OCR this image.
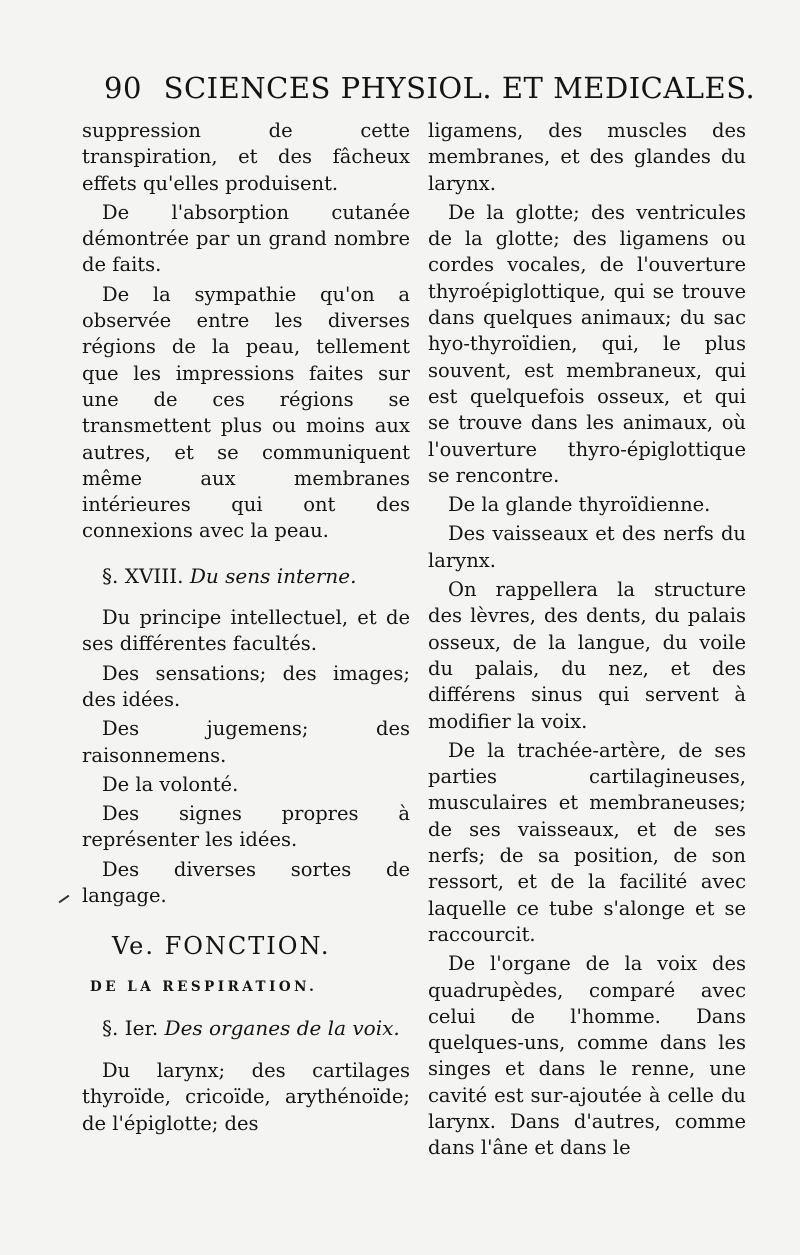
90 SCIENCES PHYSIOL. ET MEDICALES.

suppression de cette transpiration, et des fâcheux effets qu'elles produisent.

De l'absorption cutanée démontrée par un grand nombre de faits.

De la sympathie qu'on a observée entre les diverses régions de la peau, tellement que les impressions faites sur une de ces régions se transmettent plus ou moins aux autres, et se communiquent même aux membranes intérieures qui ont des connexions avec la peau.

§. XVIII. Du sens interne.

Du principe intellectuel, et de ses différentes facultés.

Des sensations; des images; des idées.

Des jugemens; des raisonnemens.

De la volonté.

Des signes propres à représenter les idées.

Des diverses sortes de langage.

Ve. FONCTION.
DE LA RESPIRATION.
§. Ier. Des organes de la voix.

Du larynx; des cartilages thyroïde, cricoïde, arythénoïde; de l'épiglotte; des

ligamens, des muscles des membranes, et des glandes du larynx.

De la glotte; des ventricules de la glotte; des ligamens ou cordes vocales, de l'ouverture thyroépiglottique, qui se trouve dans quelques animaux; du sac hyo-thyroïdien, qui, le plus souvent, est membraneux, qui est quelquefois osseux, et qui se trouve dans les animaux, où l'ouverture thyro-épiglottique se rencontre.

De la glande thyroïdienne.

Des vaisseaux et des nerfs du larynx.

On rappellera la structure des lèvres, des dents, du palais osseux, de la langue, du voile du palais, du nez, et des différens sinus qui servent à modifier la voix.

De la trachée-artère, de ses parties cartilagineuses, musculaires et membraneuses; de ses vaisseaux, et de ses nerfs; de sa position, de son ressort, et de la facilité avec laquelle ce tube s'alonge et se raccourcit.

De l'organe de la voix des quadrupèdes, comparé avec celui de l'homme. Dans quelques-uns, comme dans les singes et dans le renne, une cavité est sur-ajoutée à celle du larynx. Dans d'autres, comme dans l'âne et dans le
